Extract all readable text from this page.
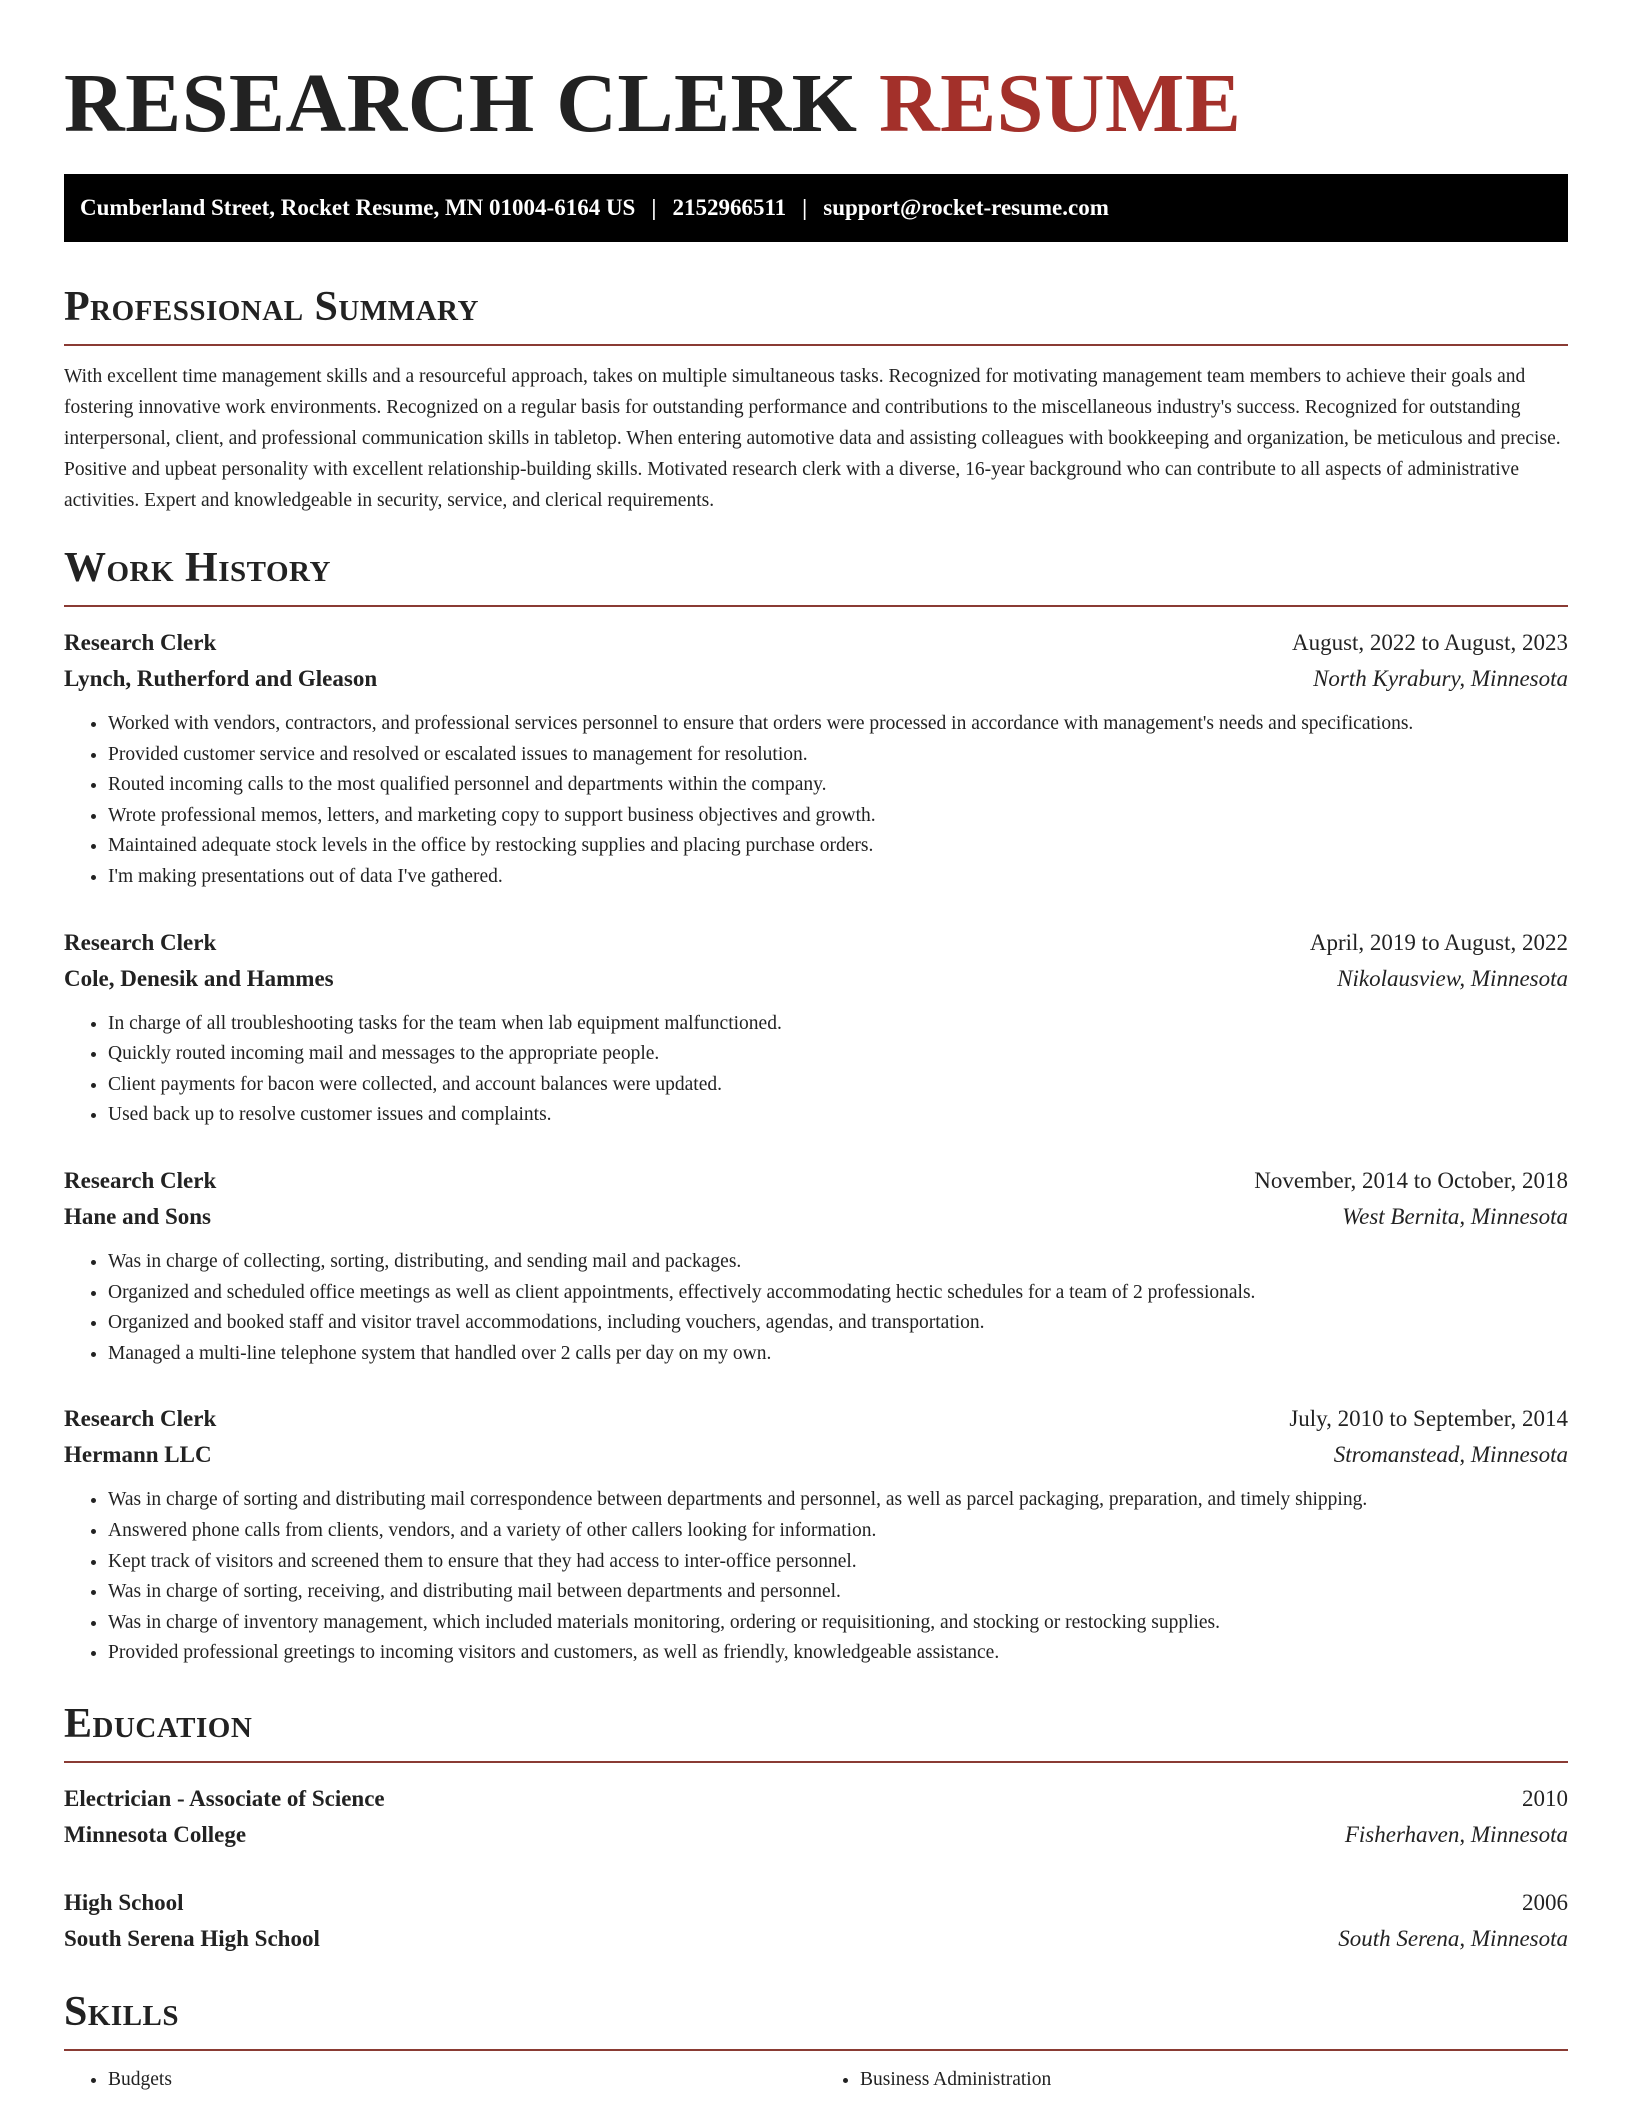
RESEARCH CLERK RESUME
Cumberland Street, Rocket Resume, MN 01004-6164 US | 2152966511 | support@rocket-resume.com
Professional Summary
With excellent time management skills and a resourceful approach, takes on multiple simultaneous tasks. Recognized for motivating management team members to achieve their goals and fostering innovative work environments. Recognized on a regular basis for outstanding performance and contributions to the miscellaneous industry's success. Recognized for outstanding interpersonal, client, and professional communication skills in tabletop. When entering automotive data and assisting colleagues with bookkeeping and organization, be meticulous and precise. Positive and upbeat personality with excellent relationship-building skills. Motivated research clerk with a diverse, 16-year background who can contribute to all aspects of administrative activities. Expert and knowledgeable in security, service, and clerical requirements.
Work History
Research Clerk	August, 2022 to August, 2023
Lynch, Rutherford and Gleason	North Kyrabury, Minnesota
• Worked with vendors, contractors, and professional services personnel to ensure that orders were processed in accordance with management's needs and specifications.
• Provided customer service and resolved or escalated issues to management for resolution.
• Routed incoming calls to the most qualified personnel and departments within the company.
• Wrote professional memos, letters, and marketing copy to support business objectives and growth.
• Maintained adequate stock levels in the office by restocking supplies and placing purchase orders.
• I'm making presentations out of data I've gathered.
Research Clerk	April, 2019 to August, 2022
Cole, Denesik and Hammes	Nikolausview, Minnesota
• In charge of all troubleshooting tasks for the team when lab equipment malfunctioned.
• Quickly routed incoming mail and messages to the appropriate people.
• Client payments for bacon were collected, and account balances were updated.
• Used back up to resolve customer issues and complaints.
Research Clerk	November, 2014 to October, 2018
Hane and Sons	West Bernita, Minnesota
• Was in charge of collecting, sorting, distributing, and sending mail and packages.
• Organized and scheduled office meetings as well as client appointments, effectively accommodating hectic schedules for a team of 2 professionals.
• Organized and booked staff and visitor travel accommodations, including vouchers, agendas, and transportation.
• Managed a multi-line telephone system that handled over 2 calls per day on my own.
Research Clerk	July, 2010 to September, 2014
Hermann LLC	Stromanstead, Minnesota
• Was in charge of sorting and distributing mail correspondence between departments and personnel, as well as parcel packaging, preparation, and timely shipping.
• Answered phone calls from clients, vendors, and a variety of other callers looking for information.
• Kept track of visitors and screened them to ensure that they had access to inter-office personnel.
• Was in charge of sorting, receiving, and distributing mail between departments and personnel.
• Was in charge of inventory management, which included materials monitoring, ordering or requisitioning, and stocking or restocking supplies.
• Provided professional greetings to incoming visitors and customers, as well as friendly, knowledgeable assistance.
Education
Electrician - Associate of Science	2010
Minnesota College	Fisherhaven, Minnesota
High School	2006
South Serena High School	South Serena, Minnesota
Skills
• Budgets
•	Business Administration
